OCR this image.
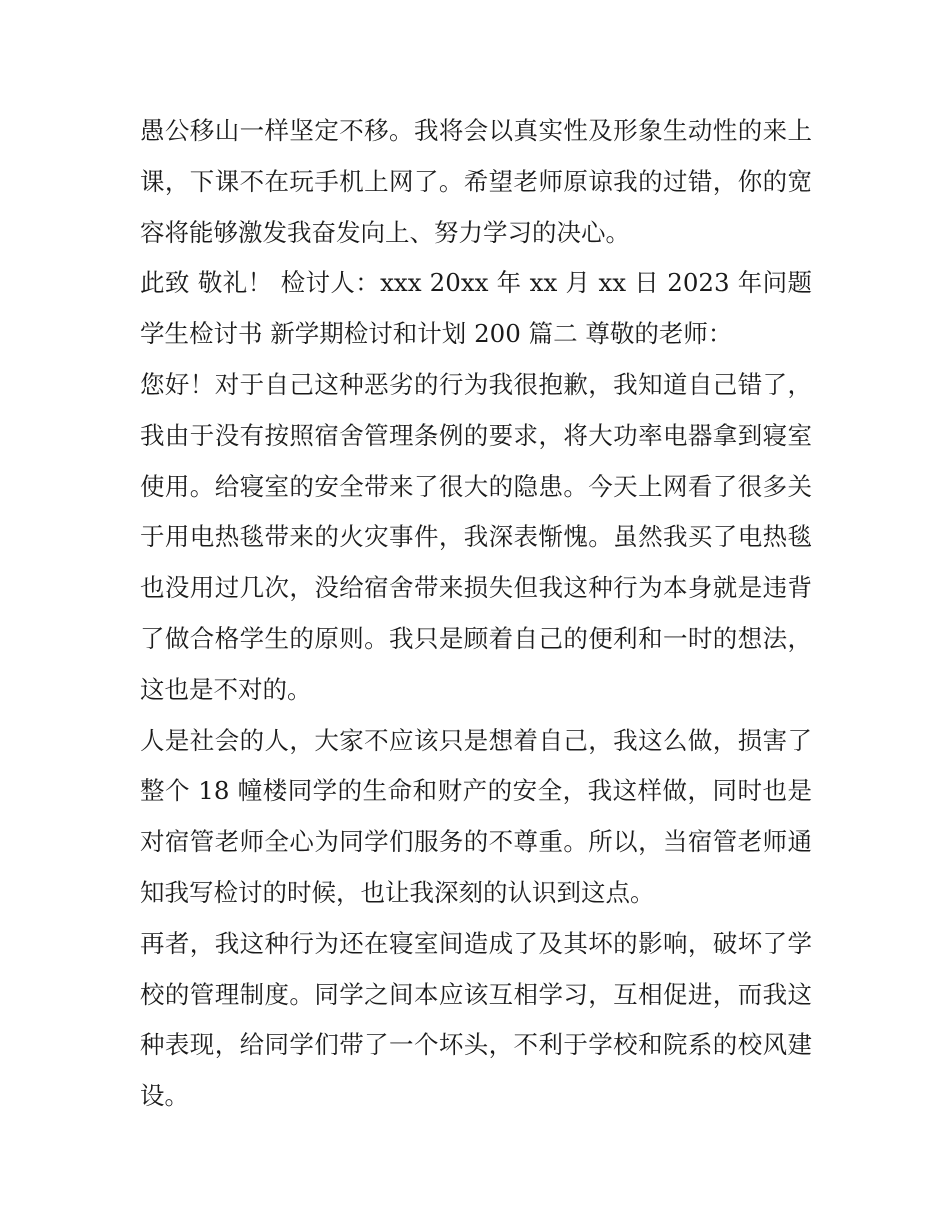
愚公移山一样坚定不移。我将会以真实性及形象生动性的来上课，下课不在玩手机上网了。希望老师原谅我的过错，你的宽容将能够激发我奋发向上、努力学习的决心。

此致 敬礼！ 检讨人：xxx 20xx 年 xx 月 xx 日 2023 年问题学生检讨书 新学期检讨和计划 200 篇二 尊敬的老师：

您好！对于自己这种恶劣的行为我很抱歉，我知道自己错了，我由于没有按照宿舍管理条例的要求，将大功率电器拿到寝室使用。给寝室的安全带来了很大的隐患。今天上网看了很多关于用电热毯带来的火灾事件，我深表惭愧。虽然我买了电热毯也没用过几次，没给宿舍带来损失但我这种行为本身就是违背了做合格学生的原则。我只是顾着自己的便利和一时的想法，这也是不对的。

人是社会的人，大家不应该只是想着自己，我这么做，损害了整个 18 幢楼同学的生命和财产的安全，我这样做，同时也是对宿管老师全心为同学们服务的不尊重。所以，当宿管老师通知我写检讨的时候，也让我深刻的认识到这点。

再者，我这种行为还在寝室间造成了及其坏的影响，破坏了学校的管理制度。同学之间本应该互相学习，互相促进，而我这种表现，给同学们带了一个坏头，不利于学校和院系的校风建设。
